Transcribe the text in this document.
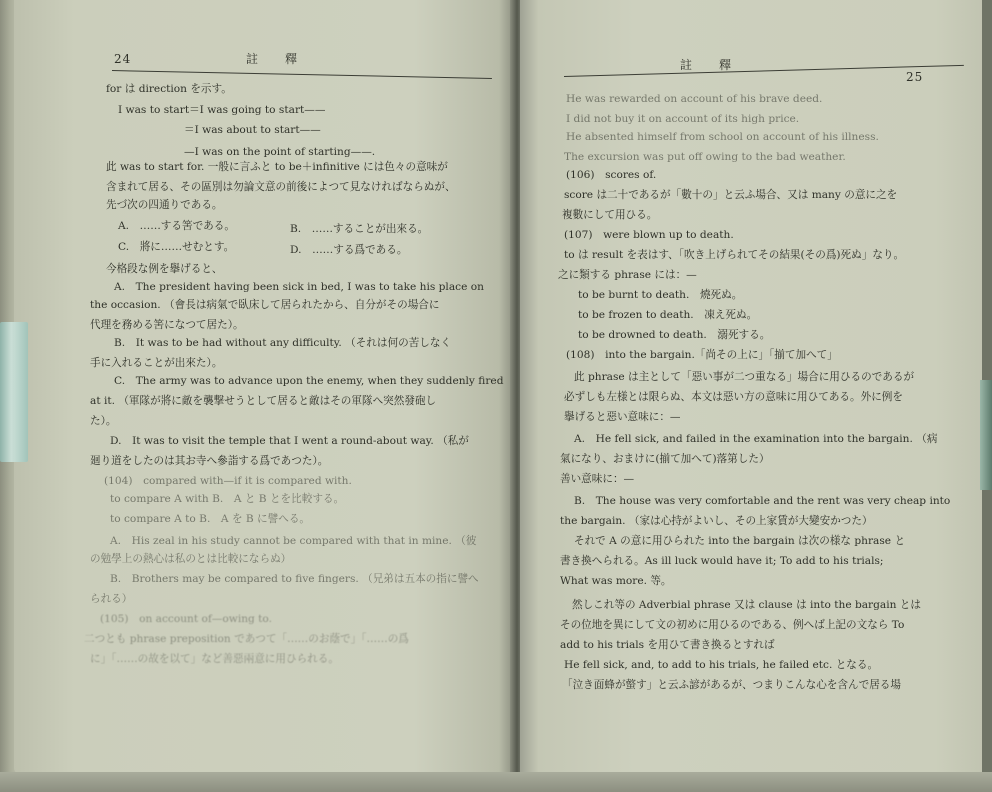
24	註　　釋
for は direction を示す。
I was to start＝I was going to start——
＝I was about to start——
—I was on the point of starting——.
此 was to start for. 一般に言ふと to be＋infinitive には色々の意味が
含まれて居る、その區別は勿論文意の前後によつて見なければならぬが、
先づ次の四通りである。
A.　……する筈である。	B.　……することが出來る。
C.　將に……せむとす。	D.　……する爲である。
今格段な例を擧げると、
A.　The president having been sick in bed, I was to take his place on
the occasion. （會長は病氣で臥床して居られたから、自分がその場合に
代理を務める筈になつて居た）。
B.　It was to be had without any difficulty. （それは何の苦しなく
手に入れることが出來た）。
C.　The army was to advance upon the enemy, when they suddenly fired
at it. （軍隊が將に敵を襲撃せうとして居ると敵はその軍隊へ突然發砲し
た）。
D.　It was to visit the temple that I went a round-about way. （私が
廻り道をしたのは其お寺へ參詣する爲であつた）。
(104)　compared with—if it is compared with.
to compare A with B.　A と B とを比較する。
to compare A to B.　A を B に譬へる。
A.　His zeal in his study cannot be compared with that in mine. （彼
の勉學上の熱心は私のとは比較にならぬ）
B.　Brothers may be compared to five fingers. （兄弟は五本の指に譬へ
られる）
(105)　on account of—owing to.
二つとも phrase preposition であつて「……のお蔭で」「……の爲
に」「……の故を以て」など善惡兩意に用ひられる。
註　　釋
25
He was rewarded on account of his brave deed.
I did not buy it on account of its high price.
He absented himself from school on account of his illness.
The excursion was put off owing to the bad weather.
(106)　scores of.
score は二十であるが「數十の」と云ふ場合、又は many の意に之を
複數にして用ひる。
(107)　were blown up to death.
to は result を表はす、「吹き上げられてその結果(その爲)死ぬ」なり。
之に類する phrase には：—
to be burnt to death.　燒死ぬ。
to be frozen to death.　凍え死ぬ。
to be drowned to death.　溺死する。
(108)　into the bargain.「尚その上に」「揃て加へて」
此 phrase は主として「惡い事が二つ重なる」場合に用ひるのであるが
必ずしも左様とは限らぬ、本文は惡い方の意味に用ひてある。外に例を
擧げると惡い意味に：—
A.　He fell sick, and failed in the examination into the bargain. （病
氣になり、おまけに(揃て加へて)落第した）
善い意味に：—
B.　The house was very comfortable and the rent was very cheap into
the bargain. （家は心持がよいし、その上家賃が大變安かつた）
それで A の意に用ひられた into the bargain は次の様な phrase と
書き換へられる。As ill luck would have it; To add to his trials;
What was more. 等。
然しこれ等の Adverbial phrase 又は clause は into the bargain とは
その位地を異にして文の初めに用ひるのである、例へば上記の文なら To
add to his trials を用ひて書き換るとすれば
He fell sick, and, to add to his trials, he failed etc. となる。
「泣き面蜂が螫す」と云ふ諺があるが、つまりこんな心を含んで居る場
